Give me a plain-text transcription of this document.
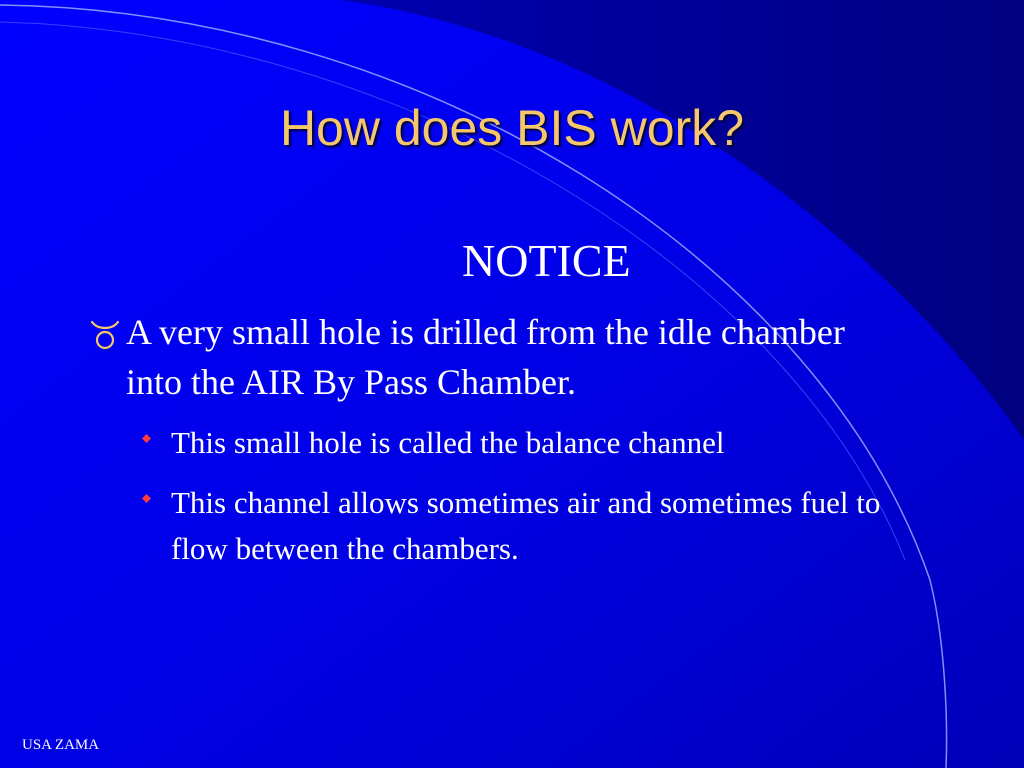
How does BIS work?
NOTICE
A very small hole is drilled from the idle chamber into the AIR By Pass Chamber.
This small hole is called the balance channel
This channel allows sometimes air and sometimes fuel to flow between the chambers.
USA ZAMA
